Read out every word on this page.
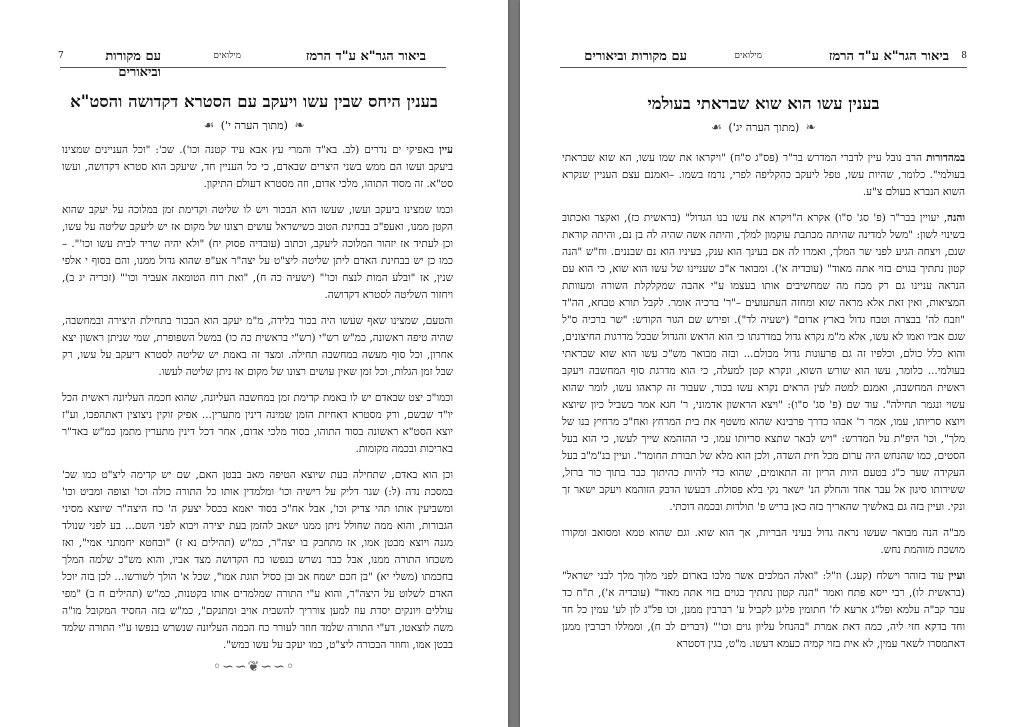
ביאור הגר"א ע"ד הרמז
מילואים
עם מקורות וביאורים
7
בענין היחס שבין עשו ויעקב עם הסטרא דקדושה והסט"א
❧ (מתוך הערה י') ☙

עיין באפיקי ים נדרים (לב. בא"ד והמרי עץ אבא עיד קטנה וכו'). שכ': "וכל העניינים שמצינו ביעקב ועשו הם ממש בשני היצרים שבאדם, כי כל העניין חד, שיעקב הוא סטרא דקדושה, ועשו סט"א. זה מסוד התוהו, מלכי אדום, וזה מסטרא דעולם התיקון.

וכמו שמצינו ביעקב ועשו, שעשו הוא הבכור ויש לו שליטה וקדימת זמן במלוכה על יעקב שהוא הקטן ממנו, ואעפ"כ בבחינת הטוב כשישראל עושים רצונו של מקום אז יש ליעקב שליטה על עשו, וכן לעתיד אז יזהור המלוכה ליעקב, וכתוב (עובדיה פסוק יח) "ולא יהיה שריד לבית עשו וכו'". –כמו כן יש בבחינת האדם ליתן שליטה ליצ"ט על יצה"ר אע"פ שהוא גדול ממנו, והם בסוף י אלפי שנין, אז "ובלע המות לנצח וכו'" (ישעיה כה ח), "ואת רוח הטומאה אעביר וכו'" (זכריה יג ב), ויחזור השליטה לסטרא דקדושה.

והטעם, שמצינו שאף שעשו היה בכור בלידה, מ"מ יעקב הוא הבכור בתחילת היצירה ובמחשבה, שהיה טיפה ראשונה, כמ"ש רש"י (רש"י בראשית כה כו) במשל השפופרת, שמי שניתן ראשון יצא אחרון, וכל סוף מעשה במחשבה תחילה. ומצד זה באמת יש שליטה לסטרא דיעקב על עשו, רק שבל זמן הגלות, וכל זמן שאין עושים רצונו של מקום אז ניתן שליטה לעשו.

וכמו"כ יצט שבאדם יש לו באמת קדימת זמן במחשבה העליונה, שהוא חכמה העליונה ראשית הכל יו"ד שבשם, ורק מסטרא דאחיזת הזמן שמינה דינין מתערין... אפיק זוקין ניצוצין דאתהפכו, וע"ז יוצא הסט"א ראשונה בסוד התוהו, בסוד מלכי אדום, אחר דכל דינין מתערין מתמן כמ"ש באד"ר באריכות ובכמה מקומות.

וכן הוא באדם, שתחילה בעת שיוצא הטיפה מאב בבטן האם, שם יש קדימה ליצ"ט כמו שכ' במסכת נדה (ל:) שגר דליק על רישיה וכו' ומלמדין אותו כל התורה כולה וכו' וצופה ומביט וכו' ומשביעין אותו תהי צדיק וכו', אבל אח"כ בסוד יאמא בכסל יצעק ה' כח היצה"ר שיוצא מסיני הגבורות, והוא ממה שחולל ניתן ממנו ישאב להזמן בעת יצירה ויבוא לפני השם... בע לפני שנולד מגנה ויוצא מבטן אמו, אז מתחבק בו יצה"ר, כמ"ש (תהילים נא ז) "ובחטא יחמתני אמי", ואז משכחו התורה ממנו, אבל כבר נשרש בנפשו כח הקדושה מצד אביו, והוא מש"כ שלמה המלך בחכמתו (משלי יא) "בן חכם ישמח אב ובן כסיל תוגת אמו", שכל א' הולך לשורשו... לכן בזה יוכל האדם לשלוט על היצה"ר, והוא ע"י התורה שמלמדים אותו בקטנות, כמ"ש (תהילים ח ב) "מפי עוללים ויונקים יסדת עוז למען צורריך להשבית אויב ומתנקם", כמ"ש בזה החסיד המקובל מו"ה משה לוצאטו, דע"י התורה שלמד חוזר לעורר כח הכמה העליונה שנשרש בנפשו ע"י התורה שלמד בבטן אמו, וחוזר הבכורה ליצ"ט, כמו יעקב על עשו כמש".

◦∽∽❦∽∽◦
8
ביאור הגר"א ע"ד הרמז
מילואים
עם מקורות וביאורים
בענין עשו הוא שוא שבראתי בעולמי
❧ (מתוך הערה יג') ☙

במהדורות הרב נובל עיין לדברי המדרש בר"ר (פס"ג ס"ח) "ויקראו את שמו עשו, הא שוא שבראתי בעולמי". כלומר, שהיות עשו, טפל ליעקב כהקליפה לפרי, נרמז בשמו. –ואמנם עצם העניין שנקרא השוא הנברא בעולם צ"ע.

והנה, יעויין בבר"ר (פ' סג' ס"ו) אקרא ה"ויקרא את עשו בנו הגדול" (בראשית כז), ואקצר ואכתוב בשינוי לשון: "משל למדינה שהיתה מכתבת עוקמון למלך, והיתה אשה שהיה לה בן נם, והיתה קוראת שנם, ויצחה הגיע לפני שר המלך, ואמרו לה אם בעינך הוא ענק, בעיניו הוא נם שבננים. וח"ש "הנה קטון נתתיך בגוים בזוי אתה מאוד" (עובדיה א'). ומבואר א"כ שעניינו של עשו הוא שוא, כי הוא עם הנראה עניינו גם רק מכח מה שמחשיבים אותו בעצמו ע"י אהבה שמקלקלת השורה ומעוותת המציאות, ואין זאת אלא מראה שוא ומחזה העתעועים –"ר' ברכיה אומר. לקבל תורא טבחא, הה"ד "וזבח לה' בבצרה וטבח גדול בארץ אדום" (ישעיה לד"). ופירש שם הגור הקודש: "שר ברכיה ס"ל שגם אביו ואמו לא עשו, אלא מ"מ נקרא גדול במדרגתו כי הוא הראש והגדול שבכל מדרגות החיצונים, והוא כלל כולם, וכלפיו זה גם פרעונות גדול מכולם... ובזה מבואר מש"כ עשו הוא שוא שבראתי בעולמי... כלומר, עשו הוא שורש השוא, ונקרא קטן למעלה, כי הוא מדרגת סוף המחשבה ויעקב ראשית המחשבה, ואמנם למטה לעין הראים נקרא עשו בכור, שעבור זה קראהו עשו, לומר שהוא עשוי ונגמר תחילה". עוד שם (פ' סג' ס"ו): "ויצא הראשון אדמוני, ר' חגא אמר בשביל כיון שיוצא ויוצא סריותו, עמו, אמר ר' אבהו כדרך פרבינא שהוא משטף את בית המרחץ ואח"כ מרחיץ בנו של מלך", וכו' היפ"ת על המדרש: "ויש לבאר שתצא סריותו עמו, כי ההזהמא שייך לעשו, כי הוא בעל הסטים, כמו שהנחש היה ערום מכל חית השדה, ולכן הוא מלא של תבורת החומר". ועיין בנ"מ"ב בעל העקידה שער כ"ג בטעם היות הריון זה התאומים, שהוא כדי להיות כהיתוך כבר בתוך כור ברזל, ששירותו סיגון אל עבר אחד והחלק הנ' ישאר נקי בלא פסולת. דבעשו הדבק הזוהמא ויעקב ישאר זך ונקי. ועיין בזה גם באלשיך שהאריך בזה כאן בריש פ' תולדות ובכמה דוכתי.

מב"ה הנה מבואר שעשו נראה גדול בעיני הבריות, אך הוא שוא. וגם שהוא טמא ומסואב ומקורו מושכת מזוהמת נחש.

ועיין עוד בזוהר וישלח (קעג.) וז"ל: "ואלה המלכים אשר מלכו בארום לפני מלוך מלך לבני ישראל" (בראשית לו), רבי ייסא פתח ואמר "הנה קטון נתתיך בגוים בזוי אתה מאוד" (עובדיה א'), ת"ח כד עבר קב"ה עלמא ופל"ג ארעא לז' חתומין פליגן לקביל ע' רברבין ממנן, וכו פל"ג לון לע' עמין כל חד וחד בדקא חזי ליה, כמה דאת אמרת "בהנחל עליון גוים וכו'" (דברים לב ח), וממללו רברבין ממנן דאתמסרו לשאר עמין, לא אית בזוי קמיה כעמא דעשו. מ"ט, בגין דסטרא
